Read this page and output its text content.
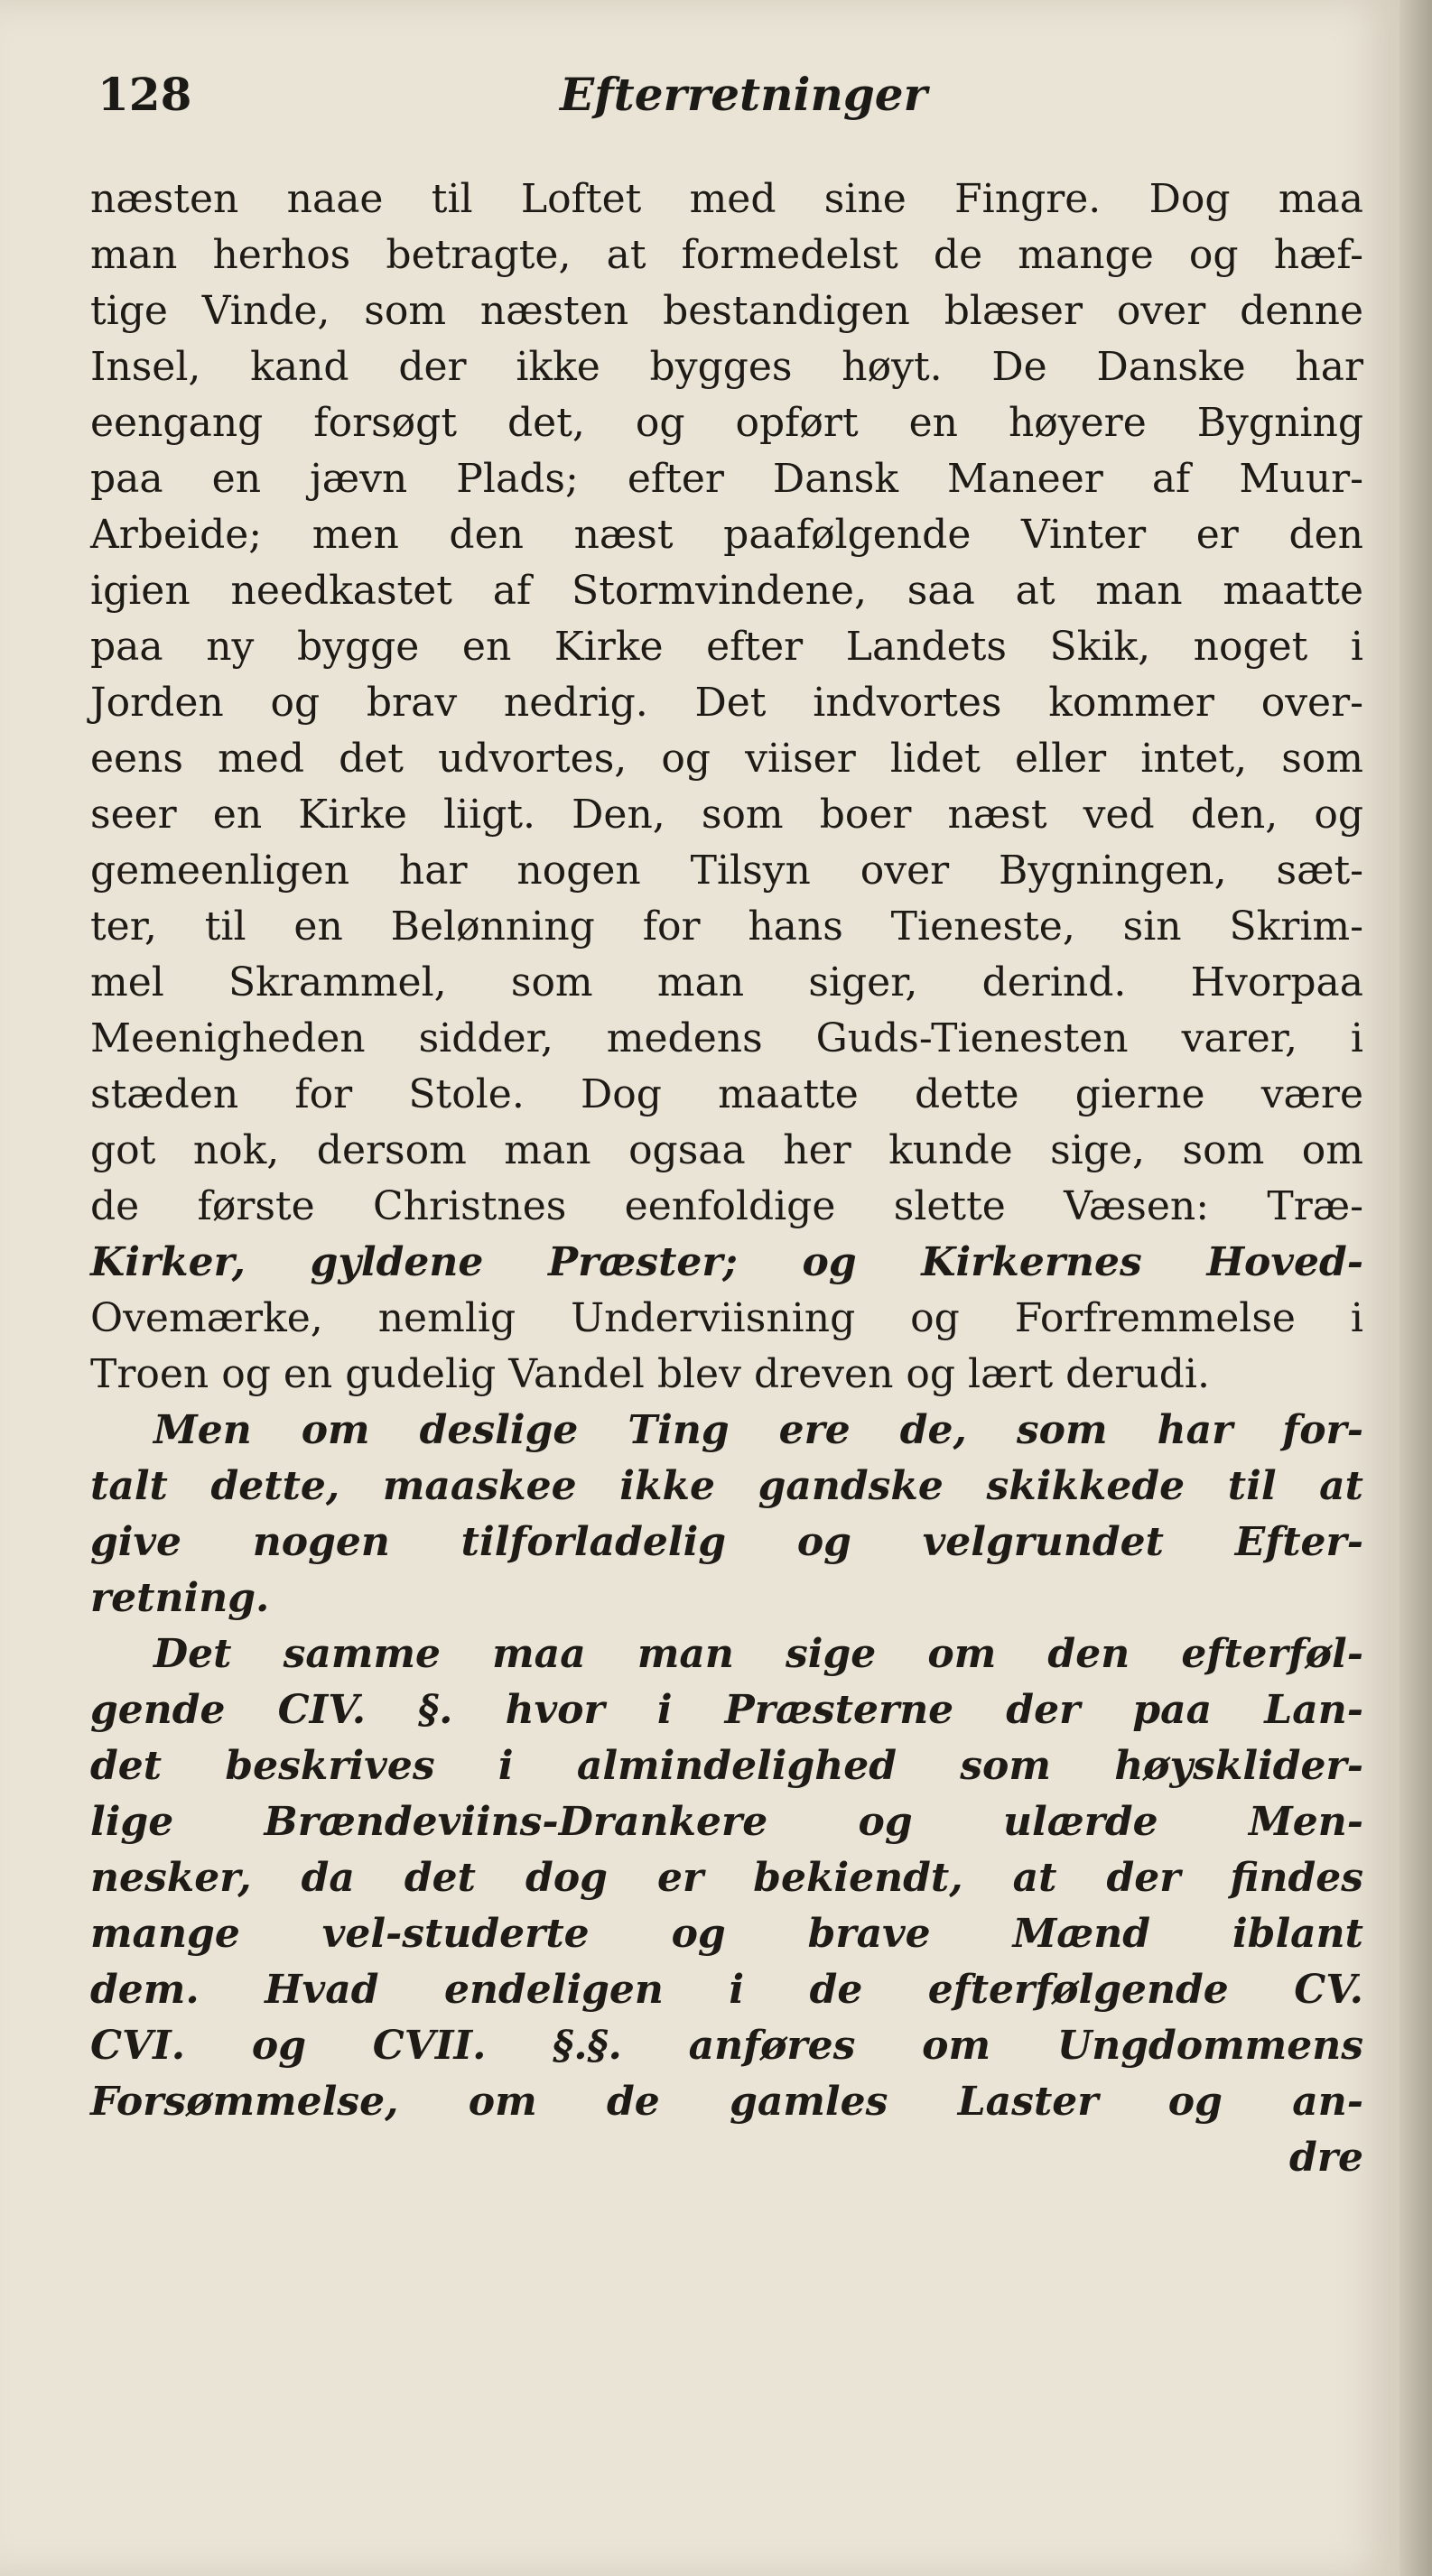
128	Efterretninger
næsten naae til Loftet med sine Fingre. Dog maa
man herhos betragte, at formedelst de mange og hæf-
tige Vinde, som næsten bestandigen blæser over denne
Insel, kand der ikke bygges høyt. De Danske har
eengang forsøgt det, og opført en høyere Bygning
paa en jævn Plads; efter Dansk Maneer af Muur-
Arbeide; men den næst paafølgende Vinter er den
igien needkastet af Stormvindene, saa at man maatte
paa ny bygge en Kirke efter Landets Skik, noget i
Jorden og brav nedrig. Det indvortes kommer over-
eens med det udvortes, og viiser lidet eller intet, som
seer en Kirke liigt. Den, som boer næst ved den, og
gemeenligen har nogen Tilsyn over Bygningen, sæt-
ter, til en Belønning for hans Tieneste, sin Skrim-
mel Skrammel, som man siger, derind. Hvorpaa
Meenigheden sidder, medens Guds-Tienesten varer, i
stæden for Stole. Dog maatte dette gierne være
got nok, dersom man ogsaa her kunde sige, som om
de første Christnes eenfoldige slette Væsen: Træ-
Kirker, gyldene Præster; og Kirkernes Hoved-
Ovemærke, nemlig Underviisning og Forfremmelse i
Troen og en gudelig Vandel blev dreven og lært derudi.
Men om deslige Ting ere de, som har for-
talt dette, maaskee ikke gandske skikkede til at
give nogen tilforladelig og velgrundet Efter-
retning.
Det samme maa man sige om den efterføl-
gende CIV. §. hvor i Præsterne der paa Lan-
det beskrives i almindelighed som høysklider-
lige Brændeviins-Drankere og ulærde Men-
nesker, da det dog er bekiendt, at der findes
mange vel-studerte og brave Mænd iblant
dem. Hvad endeligen i de efterfølgende CV.
CVI. og CVII. §.§. anføres om Ungdommens
Forsømmelse, om de gamles Laster og an-
dre
